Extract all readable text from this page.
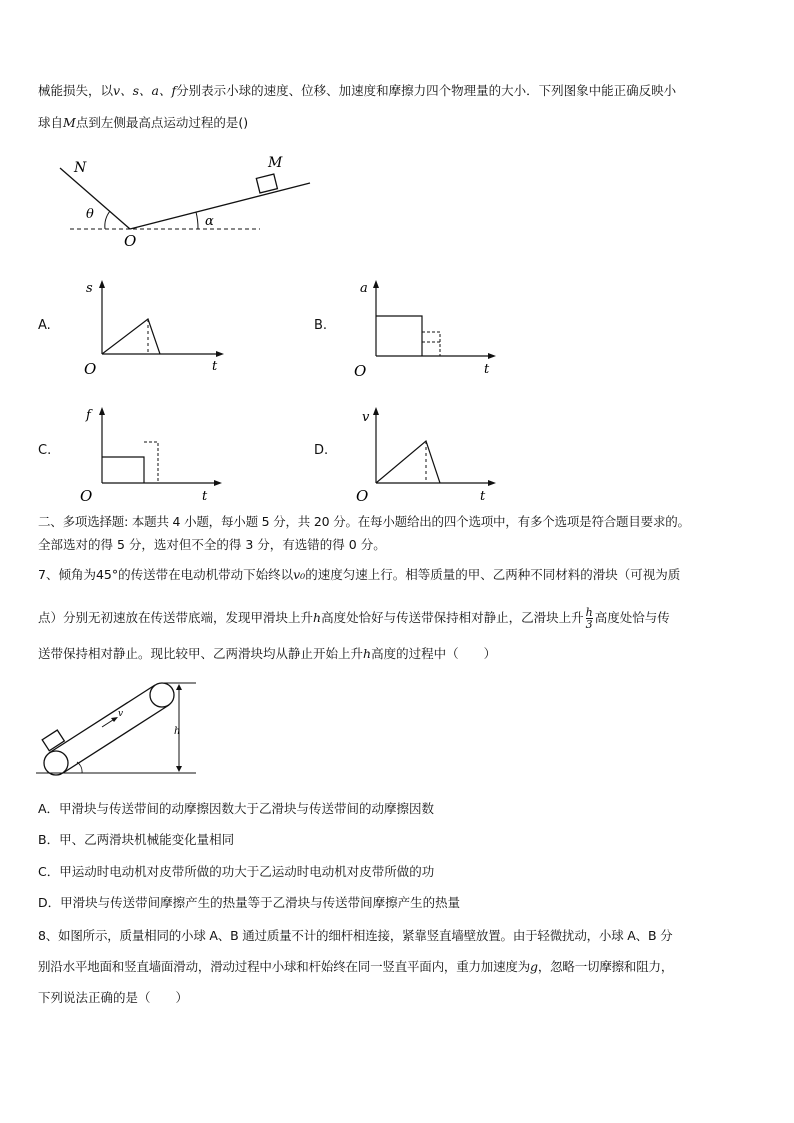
械能损失，以v、s、a、f分别表示小球的速度、位移、加速度和摩擦力四个物理量的大小．下列图象中能正确反映小
球自M点到左侧最高点运动过程的是()
N	M
O
θ	α
A.
s
t
O
B.
a
t
O
C.
f
t
O
D.
v
t
O
二、多项选择题: 本题共 4 小题，每小题 5 分，共 20 分。在每小题给出的四个选项中，有多个选项是符合题目要求的。
全部选对的得 5 分，选对但不全的得 3 分，有选错的得 0 分。
7、倾角为45°的传送带在电动机带动下始终以v₀的速度匀速上行。相等质量的甲、乙两种不同材料的滑块（可视为质
点）分别无初速放在传送带底端，发现甲滑块上升h高度处恰好与传送带保持相对静止，乙滑块上升 $\frac{h}{3}$ 高度处恰与传
送带保持相对静止。现比较甲、乙两滑块均从静止开始上升h高度的过程中（　　）
v
h
A．甲滑块与传送带间的动摩擦因数大于乙滑块与传送带间的动摩擦因数
B．甲、乙两滑块机械能变化量相同
C．甲运动时电动机对皮带所做的功大于乙运动时电动机对皮带所做的功
D．甲滑块与传送带间摩擦产生的热量等于乙滑块与传送带间摩擦产生的热量
8、如图所示，质量相同的小球 A、B 通过质量不计的细杆相连接，紧靠竖直墙壁放置。由于轻微扰动，小球 A、B 分
别沿水平地面和竖直墙面滑动，滑动过程中小球和杆始终在同一竖直平面内，重力加速度为g，忽略一切摩擦和阻力，
下列说法正确的是（　　）
